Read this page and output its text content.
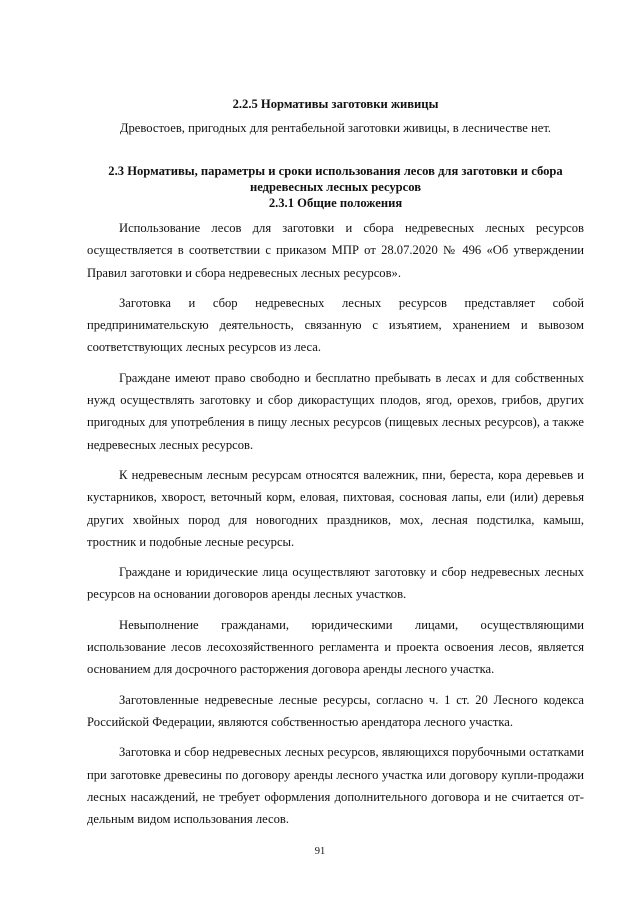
2.2.5 Нормативы заготовки живицы

Древостоев, пригодных для рентабельной заготовки живицы, в лесничестве нет.

2.3 Нормативы, параметры и сроки использования лесов для заготовки и сбора

недревесных лесных ресурсов

2.3.1 Общие положения

Использование лесов для заготовки и сбора недревесных лесных ресурсов осуществляется в соответствии с приказом МПР от 28.07.2020 № 496 «Об утверждении Правил заготовки и сбора недревесных лесных ресурсов».

Заготовка и сбор недревесных лесных ресурсов представляет собой предпринимательскую деятельность, связанную с изъятием, хранением и вывозом соответствующих лесных ресурсов из леса.

Граждане имеют право свободно и бесплатно пребывать в лесах и для собственных нужд осуществлять заготовку и сбор дикорастущих плодов, ягод, орехов, грибов, других пригодных для употребления в пищу лесных ресурсов (пищевых лесных ресурсов), а также недревесных лесных ресурсов.

К недревесным лесным ресурсам относятся валежник, пни, береста, кора деревьев и кустарников, хворост, веточный корм, еловая, пихтовая, сосновая лапы, ели (или) деревья других хвойных пород для новогодних праздников, мох, лесная подстилка, камыш, тростник и подобные лесные ресурсы.

Граждане и юридические лица осуществляют заготовку и сбор недревесных лесных ресурсов на основании договоров аренды лесных участков.

Невыполнение гражданами, юридическими лицами, осуществляющими использование лесов лесохозяйственного регламента и проекта освоения лесов, является основанием для досрочного расторжения договора аренды лесного участка.

Заготовленные недревесные лесные ресурсы, согласно ч. 1 ст. 20 Лесного кодекса Российской Федерации, являются собственностью арендатора лесного участка.

Заготовка и сбор недревесных лесных ресурсов, являющихся порубочными остатками при заготовке древесины по договору аренды лесного участка или договору купли-продажи лесных насаждений, не требует оформления дополнительного договора и не считается отдельным видом использования лесов.

91
